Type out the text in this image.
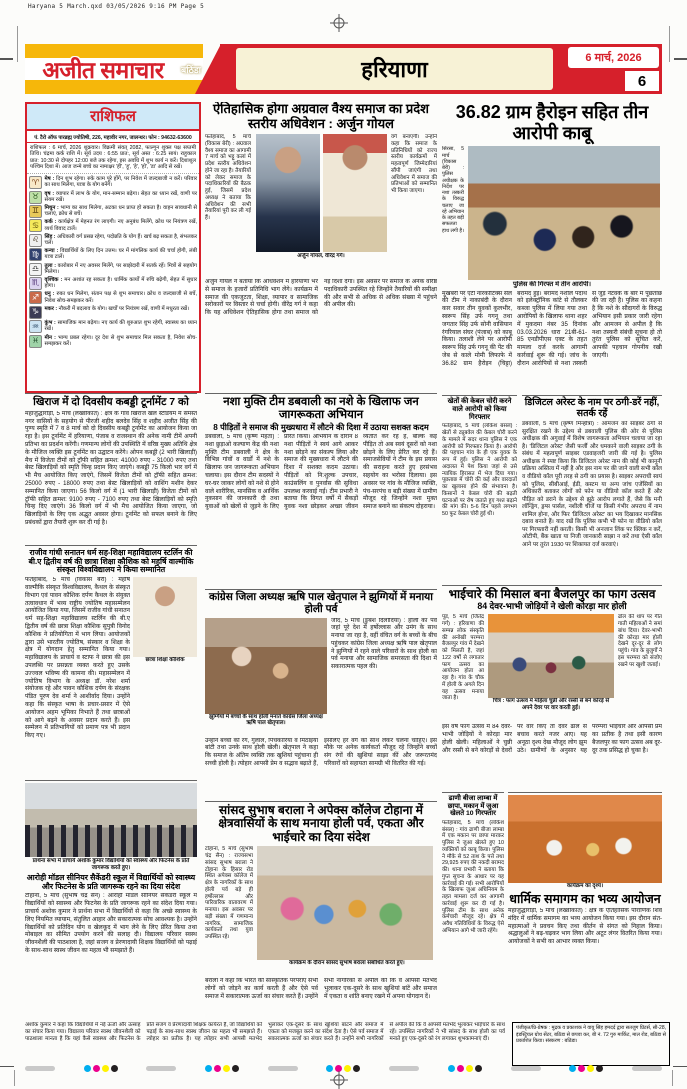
Haryana 5 March.qxd 03/05/2026 9:16 PM Page 5
अजीत समाचार	बठिंडा	हरियाणा	6 मार्च, 2026
6
राशिफल
पं. टैरो ऑफ पारब्रह्म ज्योतिषी, 226, महावीर नगर, जालन्धर। फोन : 94632-63600
राशिफल : 6 मार्च, 2026 शुक्रवार। विक्रमी संवत् 2082, फाल्गुन शुक्ल पक्ष सप्तमी तिथि। चंद्रमा कर्क राशि में। सूर्य उदय : 6:55 प्रात:, सूर्य अस्त : 6:25 सायं। राहुकाल प्रात: 10:30 से दोपहर 12:00 बजे तक रहेगा, इस अवधि में शुभ कार्य न करें। दिशाशूल पश्चिम दिशा में। आज जन्मे बच्चे का नामाक्षर 'ही', 'हू', 'हे', 'हो', 'डा' आदि से रखें।
♈ मेष : दिन शुभ रहेगा। रुके काम पूरे होंगे, पर निवेश में जल्दबाजी न करें। परिवार का साथ मिलेगा, यात्रा के योग बनेंगे।
♉ वृष : व्यापार में लाभ के योग, मान-सम्मान बढ़ेगा। सेहत का ध्यान रखें, वाणी पर संयम रखें।
♊ मिथुन : भाग्य का साथ मिलेगा, अटका धन प्राप्त हो सकता है। वाहन सावधानी से चलाएं, क्रोध से बचें।
♋ कर्क : कार्यक्षेत्र में मेहनत रंग लाएगी। नए अनुबंध मिलेंगे, क्रोध पर नियंत्रण रखें, व्यर्थ विवाद टालें।
♌ सिंह : अधिकारी वर्ग प्रसन्न रहेगा, पदोन्नति के योग हैं। खर्च बढ़ सकता है, संभलकर चलें।
♍ कन्या : विद्यार्थियों के लिए दिन उत्तम। घर में मांगलिक कार्य की चर्चा होगी, लंबी यात्रा टालें।
♎ तुला : कारोबार में नए अवसर मिलेंगे, पर साझेदारी में सतर्क रहें। मित्रों से सहयोग मिलेगा।
♏ वृश्चिक : मन अशांत रह सकता है। धार्मिक कार्यों में रुचि बढ़ेगी, सेहत में सुधार होगा।
♐ धनु : रुका धन मिलेगा, संतान पक्ष से शुभ समाचार। क्रोध व जल्दबाजी से बचें, निवेश सोच-समझकर करें।
♑ मकर : नौकरी में बदलाव के योग। खर्चों पर नियंत्रण रखें, वाणी में मधुरता रखें।
♒ कुंभ : सामाजिक मान बढ़ेगा। नए कार्य की शुरुआत शुभ रहेगी, स्वास्थ्य का ध्यान रखें।
♓ मीन : भाग्य प्रबल रहेगा। दूर देश से शुभ समाचार मिल सकता है, निवेश सोच-समझकर करें।
खिराज में दो दिवसीय कबड्डी टूर्नामेंट 7 को
महाजुद्धारोड़ी, 5 मार्च (लख्वीकांत) : क्षेत्र के गांव खिराज खेल स्टेडियम में समस्त नगर वासियों के सहयोग से पीरजी शहीद बलदेव सिंह व शहीद अजीत सिंह की पुण्य स्मृति में 7 व 8 मार्च को दो दिवसीय कबड्डी टूर्नामेंट का आयोजन किया जा रहा है। इस टूर्नामेंट में हरियाणा, पंजाब व राजस्थान की अनेक नामी टीमें अपनी प्रतिभा का प्रदर्शन करेंगी। गणमान्य लोगों की उपस्थिति में वरिष्ठ मुख्य अतिथि क्षेत्र के मौजिज व्यक्ति इस टूर्नामेंट का उद्घाटन करेंगे। ओपन कबड्डी (2 भारी खिलाड़ी) मैच में विजेता टीमों को ट्रॉफी सहित क्रमश: 41000 रुपए - 31000 रुपए तथा बेस्ट खिलाड़ियों को स्मृति चिन्ह प्रदान किए जाएंगे। कबड्डी 75 किलो भार वर्ग में भी मैच आयोजित किए जाएंगे, जिसमें विजेता टीमों को ट्रॉफी सहित क्रमश: 25000 रुपए - 18000 रुपए तथा बेस्ट खिलाड़ियों को वाशिंग मशीन देकर सम्मानित किया जाएगा। 56 किलो वर्ग में (1 भारी खिलाड़ी) विजेता टीमों को ट्रॉफी सहित क्रमश: 9100 रुपए - 7100 रुपए तथा बेस्ट खिलाड़ियों को स्मृति चिन्ह दिए जाएंगे। 36 किलो वर्ग में भी मैच आयोजित किया जाएगा, जो खिलाड़ियों के लिए एक अद्भुत अवसर होगा। टूर्नामेंट को सफल बनाने के लिए प्रबंधकों द्वारा तैयारी शुरू कर दी गई है।
राजीव गांधी सनातन धर्म सह-शिक्षा महाविद्यालय स्टर्लिन की बी.ए द्वितीय वर्ष की छात्रा शिक्षा कौशिक को महर्षि वाल्मीकि संस्कृत विश्वविद्यालय ने किया सम्मानित
छात्रा शिक्षा कौशिक
फतेहाबाद, 5 मार्च (विकास बेरी) : महर्षि वाल्मीकि संस्कृत विश्वविद्यालय, कैथल के संस्कृत विभाग एवं पावन कौशिक दर्पण कैथल के संयुक्त तत्वावधान में भव्य राष्ट्रीय ज्योतिष महासम्मेलन आयोजित किया गया, जिसमें राजीव गांधी सनातन धर्म सह-शिक्षा महाविद्यालय स्टर्लिन की बी.ए द्वितीय वर्ष की छात्रा शिक्षा कौशिक सुपुत्री विनोद कौशिक ने प्रतियोगिता में भाग लिया। आयोजकों द्वारा उसे भारतीय ज्योतिष, संस्कार व शिक्षा के क्षेत्र में योगदान हेतु सम्मानित किया गया। महाविद्यालय के प्राचार्य व स्टाफ ने छात्रा की इस उपलब्धि पर प्रसन्नता व्यक्त करते हुए उसके उज्ज्वल भविष्य की कामना की। महासम्मेलन में ज्योतिष विभाग के अध्यक्ष डॉ. नरेश शर्मा संयोजक रहे और पावन कौशिक दर्पण के संरक्षक पंडित पूरण देव शर्मा ने आशीर्वाद दिया। उन्होंने कहा कि संस्कृत भाषा के प्रचार-प्रसार में ऐसे आयोजन अहम भूमिका निभाते हैं तथा छात्राओं को आगे बढ़ने के अवसर प्रदान करते हैं। इस सम्मेलन में प्रतिभागियों को प्रमाण पत्र भी प्रदान किए गए।
प्रार्थना सभा में प्राचार्य अशोक कुमार विद्यार्थियों को स्वास्थ्य और फिटनेस के प्रति जागरूक करते हुए।
आरोही मॉडल सीनियर सैकेंडरी स्कूल में विद्यार्थियों को स्वास्थ्य और फिटनेस के प्रति जागरूक रहने का दिया संदेश
टोहाना, 5 मार्च (सुभाष चंद्र सैन) : आरोही मॉडल सीनियर सैकेंडरी स्कूल में विद्यार्थियों को स्वास्थ्य और फिटनेस के प्रति जागरूक रहने का संदेश दिया गया। प्राचार्य अशोक कुमार ने प्रार्थना सभा में विद्यार्थियों से कहा कि अच्छे स्वास्थ्य के लिए नियमित व्यायाम, संतुलित आहार और सकारात्मक सोच आवश्यक है। उन्होंने विद्यार्थियों को प्रतिदिन योग व खेलकूद में भाग लेने के लिए प्रेरित किया तथा मोबाइल का सीमित उपयोग करने की सलाह दी। विद्यालय परिवार स्वस्थ जीवनशैली की पाठशाला है, जहां सजग व प्रेरणादायी शिक्षक विद्यार्थियों को पढ़ाई के साथ-साथ स्वस्थ जीवन का महत्व भी समझाते हैं।
ऐतिहासिक होगा अग्रवाल वैश्य समाज का प्रदेश स्तरीय अधिवेशन : अर्जुन गोयल
फतेहाबाद, 5 मार्च (विकास बेरी) : अग्रवाल वैश्य समाज का आगामी 7 मार्च को भट्टू कलां में प्रदेश स्तरीय अधिवेशन होने जा रहा है। तैयारियों को लेकर समाज के पदाधिकारियों की बैठक हुई, जिसमें प्रदेश अध्यक्ष ने बताया कि अधिवेशन की सभी तैयारियां पूरी कर ली गई हैं।
अर्जुन गोयल, वीरेंद्र गर्ग।
वर्ग बनाएगी। उन्होंने कहा कि समाज के प्रतिनिधियों को राज्य स्तरीय कार्यक्रमों में महत्वपूर्ण जिम्मेदारियां सौंपी जाएंगी तथा अधिवेशन में समाज की प्रतिभाओं को सम्मानित भी किया जाएगा।
अर्जुन गोयल ने बताया कि अधिवेशन में हरियाणा भर से समाज के हजारों प्रतिनिधि भाग लेंगे। कार्यक्रम में समाज की एकजुटता, शिक्षा, व्यापार व सामाजिक सरोकारों पर विस्तार से चर्चा होगी। वीरेंद्र गर्ग ने कहा कि यह अधिवेशन ऐतिहासिक होगा तथा समाज को नई दिशा देगा। इस अवसर पर समाज के अनेक वरिष्ठ पदाधिकारी उपस्थित रहे जिन्होंने तैयारियों की समीक्षा की और सभी से अधिक से अधिक संख्या में पहुंचने की अपील की।
नशा मुक्ति टीम डबवाली का नशे के खिलाफ जन जागरूकता अभियान
8 पीड़ितों ने समाज की मुख्यधारा में लौटने की दिशा में उठाया सशक्त कदम
डबवाली, 5 मार्च (कृष्ण मेहता) : नशा छुड़ाओ कल्याण केंद्र की नशा मुक्ति टीम डबवाली ने क्षेत्र के विभिन्न गांवों व वार्डों में नशे के खिलाफ जन जागरूकता अभियान चलाया। इस दौरान टीम सदस्यों ने घर-घर जाकर लोगों को नशे से होने वाले शारीरिक, मानसिक व आर्थिक नुकसान की जानकारी दी तथा युवाओं को खेलों से जुड़ने के लिए प्रेरित किया। अभियान के दौरान 8 नशा पीड़ितों ने स्वयं आगे आकर नशा छोड़ने का संकल्प लिया और समाज की मुख्यधारा में लौटने की दिशा में सशक्त कदम उठाया। पीड़ितों को नि:शुल्क उपचार, काउंसलिंग व पुनर्वास की सुविधा उपलब्ध करवाई गई। टीम प्रभारी ने बताया कि विगत वर्षों में सैकड़ों युवक नशा छोड़कर अच्छा जीवन व्यतीत कर रहे हैं, बल्कि कई पीड़ित तो अब स्वयं दूसरों को नशा छोड़ने के लिए प्रेरित कर रहे हैं। समाजसेवियों ने टीम के इस प्रयास की सराहना करते हुए हरसंभव सहयोग का भरोसा दिलाया। इस अवसर पर गांव के मौजिज व्यक्ति, पंच-सरपंच व बड़ी संख्या में ग्रामीण मौजूद रहे जिन्होंने नशा मुक्त समाज बनाने का संकल्प दोहराया।
कांग्रेस जिला अध्यक्ष ऋषि पाल खेतृपाल ने झुग्गियों में मनाया होली पर्व
झुग्गियों में बच्चों के साथ होली मनाते कांग्रेस जिला अध्यक्ष ऋषि पाल खेतृपाल।
जींद, 5 मार्च (ङुबेश दिलोदिया) : होली का पर्व जहां पूरे देश में हर्षोल्लास और उमंग के साथ मनाया जा रहा है, वहीं वंचित वर्ग के बच्चों के बीच पहुंचकर कांग्रेस जिला अध्यक्ष ऋषि पाल खेतृपाल ने झुग्गियों में रहने वाले परिवारों के साथ होली का पर्व मनाया और सामाजिक समरसता की दिशा में सकारात्मक पहल की।
उन्होंने बच्चों को रंग, गुलाल, पिचकारियां व मिठाइयां बांटी तथा उनके साथ होली खेली। खेतृपाल ने कहा कि समाज के अंतिम व्यक्ति तक खुशियां पहुंचाना ही सच्ची होली है। त्योहार आपसी प्रेम व सद्भाव बढ़ाते हैं, इसलिए हर वर्ग को साथ लेकर चलना चाहिए। इस मौके पर अनेक कार्यकर्ता मौजूद रहे जिन्होंने बच्चों संग रंगों की खुशियां साझा कीं और जरूरतमंद परिवारों को सहायता सामग्री भी वितरित की गई।
सांसद सुभाष बराला ने अपेक्स कॉलेज टोहाना में क्षेत्रवासियों के साथ मनाया होली पर्व, एकता और भाईचारे का दिया संदेश
टोहाना, 5 मार्च (सुभाष चंद्र सैन) : राज्यसभा सांसद सुभाष बराला ने टोहाना के हिसार रोड स्थित अपेक्स कॉलेज में क्षेत्र के नागरिकों के साथ होली पर्व बड़े ही हर्षोल्लास और पारिवारिक वातावरण में मनाया। इस अवसर पर बड़ी संख्या में गणमान्य नागरिक, सामाजिक कार्यकर्ता तथा युवा उपस्थित रहे।
कार्यक्रम के दौरान सांसद सुभाष बराला संबोधित करते हुए।
बराला ने कहा कि भारत की सांस्कृतिक परंपराएं सभी लोगों को जोड़ने का कार्य करती हैं और ऐसे पर्व समाज में सकारात्मक ऊर्जा का संचार करते हैं। उन्होंने सभी नागरिकों से अपील की कि वे आपसी मतभेद भुलाकर एक-दूसरे के साथ खुशियां बांटें और समाज में एकता व शांति बनाए रखने में अपना योगदान दें।
36.82 ग्राम हैरोइन सहित तीन आरोपी काबू
सिरसा, 5 मार्च (विकास बेरी) : पुलिस अधीक्षक के निर्देश पर नशा तस्करी के विरुद्ध चलाए जा रहे अभियान के तहत बड़ी सफलता हाथ लगी है।
पुलिस की गिरफ्त में तीन आरोपी।
मुखबरी पर एंटी नारकोटिक्स सेल की टीम ने नाकाबंदी के दौरान कार सवार तीन युवकों कुलभीर, स्वरूप सिंह उर्फ गगनू तथा जगतार सिंह उर्फ सोनी वासियान रंगरियाल संघर (पंजाब) को काबू किया। तलाशी लेने पर आरोपी स्वरूप सिंह उर्फ गगनू की पेंट की जेब से काले मोमी लिफाफे में 36.82 ग्राम हैरोइन (चिट्टा) बरामद हुई। बरामद नशीले पदार्थ को इलेक्ट्रॉनिक कांटे से तौलकर कब्जा पुलिस में लिया गया तथा आरोपियों के खिलाफ थाना शहर में मुकदमा नंबर 35 दिनांक 03.03.2026 धारा 21बी-61-85 एनडीपीएस एक्ट के तहत मामला दर्ज करके आगामी कार्रवाई शुरू की गई। जांच के दौरान आरोपियों से नशा तस्करी से जुड़े नेटवर्क के बारे में पूछताछ की जा रही है। पुलिस का कहना है कि नशे के सौदागरों के विरुद्ध अभियान इसी प्रकार जारी रहेगा और आमजन से अपील है कि नशा तस्करी संबंधी सूचना हो तो तुरंत पुलिस को सूचित करें, आपकी पहचान गोपनीय रखी जाएगी।
खेतों की केबल चोरी करने वाले आरोपी को किया गिरफ्तार
फतेहाबाद, 5 मार्च (लोकेश बंसल) : खेतों से ट्यूबवेल की केबल चोरी करने के मामले में सदर थाना पुलिस ने एक आरोपी को गिरफ्तार किया है। आरोपी की पहचान गांव के ही एक युवक के रूप में हुई। पुलिस ने आरोपी को अदालत में पेश किया जहां से उसे न्यायिक हिरासत में भेज दिया गया। पूछताछ में चोरी की कई और वारदातों का खुलासा होने की संभावना है। किसानों ने केबल चोरी की बढ़ती घटनाओं पर रोष जताते हुए गश्त बढ़ाने की मांग की। 5-6 दिन पहले लगभग 50 फुट केबल चोरी हुई थी।
डिजिटल अरेस्ट के नाम पर ठगी-डरें नहीं, सतर्क रहें
डबवाली, 5 मार्च (कृष्ण मिन्होत्रा) : आमजन को साइबर ठगों से सुरक्षित रखने के उद्देश्य से डबवाली पुलिस की ओर से पुलिस अधीक्षक की अगुवाई में विशेष जागरूकता अभियान चलाया जा रहा है। 'डिजिटल अरेस्ट' जैसी फर्जी और धमकाने वाली साइबर ठगी के संबंध में महत्वपूर्ण साइबर एडवाइजरी जारी की गई है। पुलिस अधीक्षक ने स्पष्ट किया कि डिजिटल अरेस्ट नाम की कोई भी कानूनी प्रक्रिया अस्तित्व में नहीं है और इस नाम पर की जाने वाली सभी कॉल व वीडियो कॉल पूरी तरह से ठगी का प्रयास है। साइबर अपराधी स्वयं को पुलिस, सीबीआई, ईडी, कस्टम या अन्य जांच एजेंसियों का अधिकारी बताकर लोगों को फोन या वीडियो कॉल करते हैं और पीड़ित को डराने के उद्देश्य से झूठे आरोप लगाते हैं, जैसे कि मनी लॉन्ड्रिंग, ड्रग्स पार्सल, नशीली चीजें या किसी गंभीर अपराध में नाम शामिल होना, और फिर 'डिजिटल अरेस्ट' का भय दिखाकर मानसिक दबाव बनाते हैं। याद रखें कि पुलिस कभी भी फोन या वीडियो कॉल पर गिरफ्तारी नहीं करती। किसी भी अनजान लिंक पर क्लिक न करें, ओटीपी, बैंक खाता या निजी जानकारी साझा न करें तथा ऐसी कॉल आने पर तुरंत 1930 पर शिकायत दर्ज करवाएं।
भाईचारे की मिसाल बना बैजलपुर का फाग उत्सव
84 देवर-भाभी जोड़ियों ने खेली कोरड़ा मार होली
पूंड, 5 मार्च (जितेंद्र गर्ग) : हरियाणा की सम्पन्न लोक संस्कृति की अनोखी परम्परा बैजलपुर गांव में देखने को मिलती है, जहां 122 वर्षों से लगातार फाग उत्सव का आयोजन होता आ रहा है। गांव के चौक में होली के अगले दिन यह उत्सव मनाया जाता है।	चित्र : फाग उत्सव में महिला चुन्नी और रस्सी से बने कोरड़े से अपने देवर पर वार करती हुई।
ढोल की थाप पर गीत गाती महिलाओं ने समां बांध दिया। देवर-भाभी की कोरड़ा मार होली देखने दूर-दूर से लोग पहुंचे। गांव के बुजुर्गों ने इस परम्परा को संजोए रखने पर खुशी जताई।
इस वर्ष फाग उत्सव में 84 देवर-भाभी जोड़ियों ने कोरड़ा मार होली खेली। महिलाओं ने चुन्नी और रस्सी से बने कोरड़ों से देवरों पर वार किए तो देवर ढाल से बचाव करते नजर आए। यह अनूठा दृश्य देख मौजूद लोग झूम उठे। ग्रामीणों के अनुसार यह परम्परा भाईचारे और आपसी प्रेम का प्रतीक है तथा इसी कारण बैजलपुर का फाग उत्सव अब दूर-दूर तक प्रसिद्ध हो चुका है।
ढाणी बीजा लाम्बा में छापा, मकान में जुआ खेलते 10 गिरफ्तार
फतेहाबाद, 5 मार्च (लोकेश बंसल) : गांव ढाणी बीजा लाम्बा में एक मकान पर छापा मारकर पुलिस ने जुआ खेलते हुए 10 व्यक्तियों को काबू किया। पुलिस ने मौके से 52 ताश के पत्ते तथा 29,925 रुपए की नकदी बरामद की। थाना प्रभारी ने बताया कि गुप्त सूचना के आधार पर यह कार्रवाई की गई। सभी आरोपियों के खिलाफ जुआ अधिनियम के तहत मामला दर्ज कर आगामी कार्रवाई शुरू कर दी गई है। पुलिस टीम के साथ अनेक कर्मचारी मौजूद रहे। क्षेत्र में अवैध गतिविधियों के विरुद्ध ऐसे अभियान आगे भी जारी रहेंगे।
कार्यक्रम का दृश्य।
धार्मिक समागम का भव्य आयोजन
महाजुद्धारोड़ी, 5 मार्च (लख्वीकांत) : क्षेत्र के ऐतिहासिक पौराणिक शिव मंदिर में धार्मिक समागम का भव्य आयोजन किया गया। इस दौरान संत-महात्माओं ने प्रवचन किए तथा कीर्तन से संगत को निहाल किया। श्रद्धालुओं ने बढ़-चढ़कर भाग लिया और अटूट लंगर वितरित किया गया। आयोजकों ने सभी का आभार व्यक्त किया।
अशोक कुमार ने कहा कि विद्यार्थियों में नई ऊर्जा और उत्साह का संचार किया गया। विद्यालय परिवार स्वस्थ जीवनशैली को पाठशाला मानता है कि यहां कैसे स्वास्थ्य और फिटनेस के प्रति सजग व प्रेरणादायी शिक्षक कार्यरत हैं, जो विद्यार्थियों को पढ़ाई के साथ-साथ स्वस्थ जीवन का महत्व भी समझाते हैं। त्योहार का प्रतीक है। यह त्योहार सभी आपसी मतभेद भुलाकर एक-दूसरे के साथ खुशियां बांटने और समाज में एकता को मजबूत करने का संदेश देता है। ऐसे पर्व समाज में सकारात्मक ऊर्जा का संचार करते हैं। उन्होंने सभी नागरिकों से अपील की कि वे आपसी मतभेद भुलाकर भाईचारे के साथ रहें। उपस्थित नागरिकों ने भी सांसद के साथ होली का पर्व मनाते हुए एक-दूसरे को रंग लगाकर शुभकामनाएं दीं।
पंजीकृत/प्रि-प्रेषक : मुद्रक व प्रकाशक ने वायु सिंह हमदर्द द्वारा सतजुग प्रिंटर्स, सी-28, इंडस्ट्रियल ग्रोथ सेंटर, बठिंडा से छपवा कर, बी नं. 72 गुरु मार्किट, माल रोड, बठिंडा से प्रकाशित किया। संस्करण : बठिंडा।
